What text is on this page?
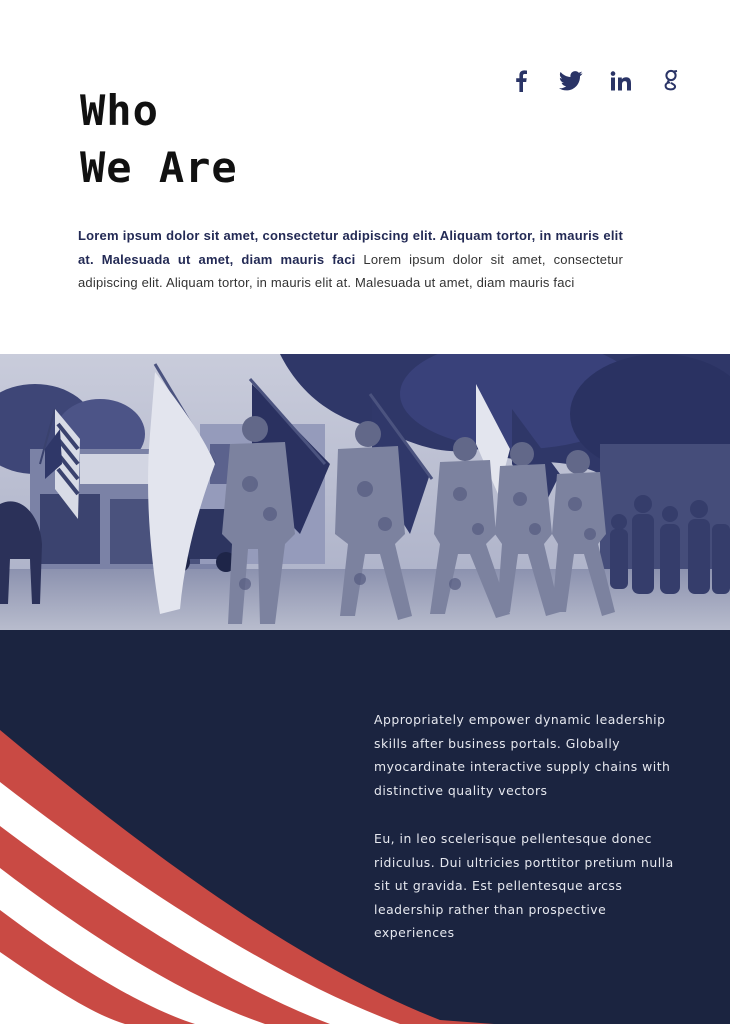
Who
We Are

Lorem ipsum dolor sit amet, consectetur adipiscing elit. Aliquam tortor, in mauris elit at. Malesuada ut amet, diam mauris faci Lorem ipsum dolor sit amet, consectetur adipiscing elit. Aliquam tortor, in mauris elit at. Malesuada ut amet, diam mauris faci

Appropriately empower dynamic leadership skills after business portals. Globally myocardinate interactive supply chains with distinctive quality vectors

Eu, in leo scelerisque pellentesque donec ridiculus. Dui ultricies porttitor pretium nulla sit ut gravida. Est pellentesque arcss leadership rather than prospective experiences
